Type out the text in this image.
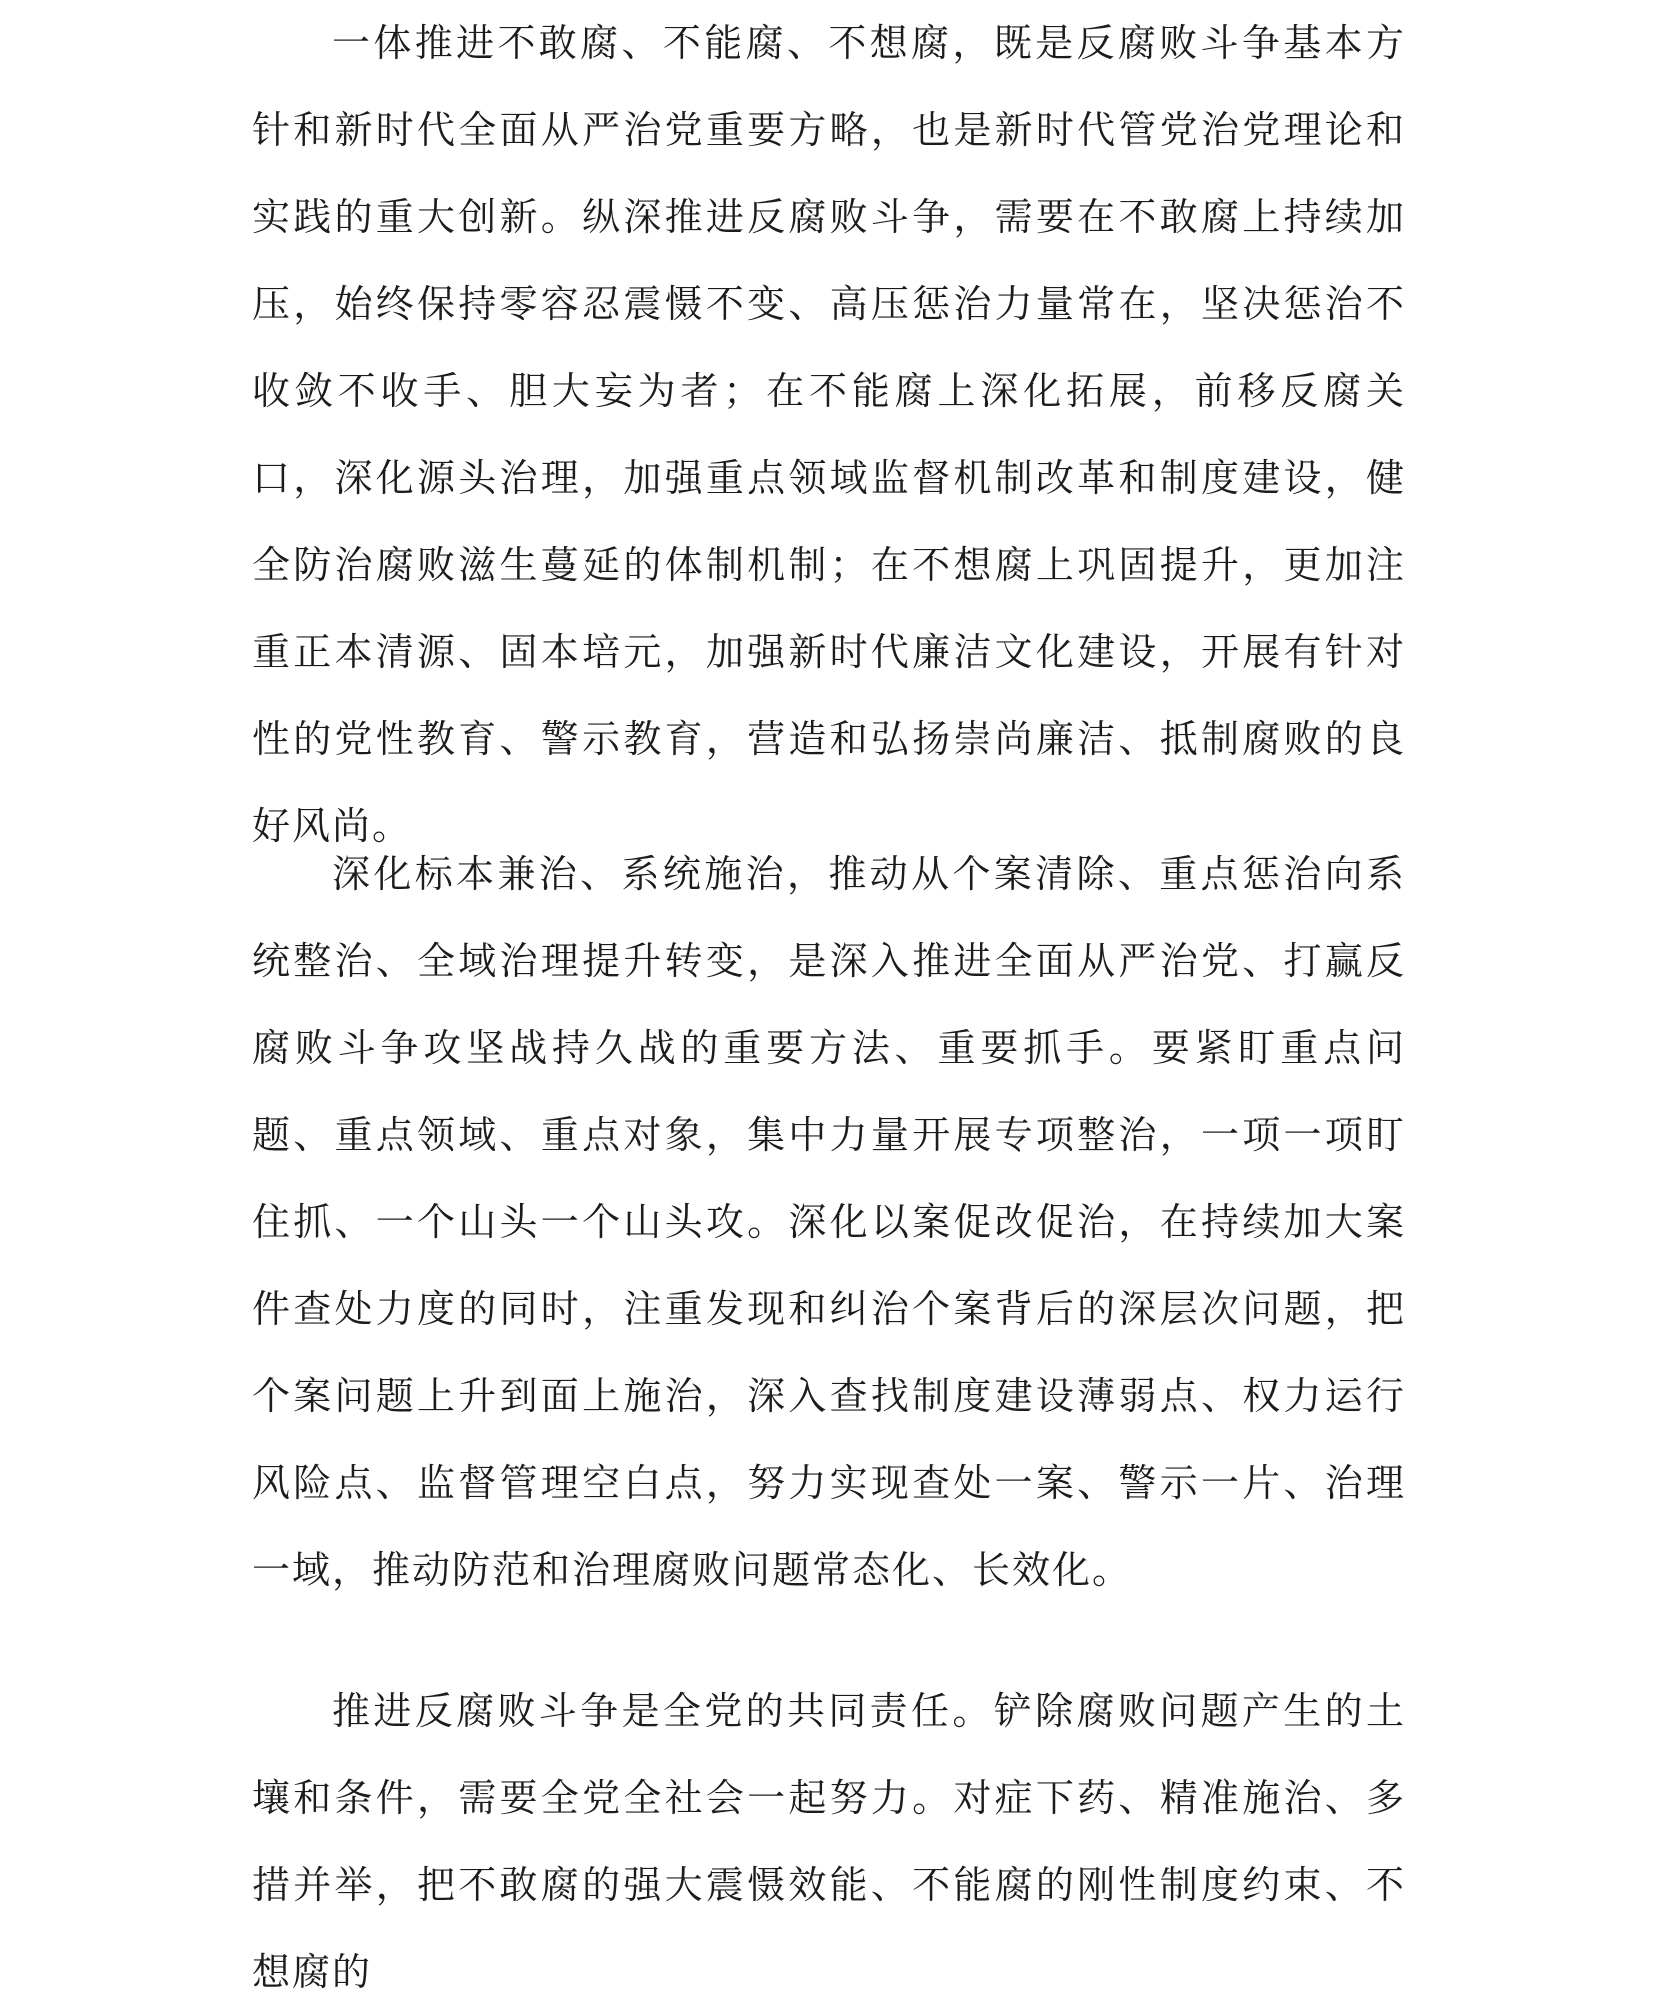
一体推进不敢腐、不能腐、不想腐，既是反腐败斗争基本方针和新时代全面从严治党重要方略，也是新时代管党治党理论和实践的重大创新。纵深推进反腐败斗争，需要在不敢腐上持续加压，始终保持零容忍震慑不变、高压惩治力量常在，坚决惩治不收敛不收手、胆大妄为者；在不能腐上深化拓展，前移反腐关口，深化源头治理，加强重点领域监督机制改革和制度建设，健全防治腐败滋生蔓延的体制机制；在不想腐上巩固提升，更加注重正本清源、固本培元，加强新时代廉洁文化建设，开展有针对性的党性教育、警示教育，营造和弘扬崇尚廉洁、抵制腐败的良好风尚。

深化标本兼治、系统施治，推动从个案清除、重点惩治向系统整治、全域治理提升转变，是深入推进全面从严治党、打赢反腐败斗争攻坚战持久战的重要方法、重要抓手。要紧盯重点问题、重点领域、重点对象，集中力量开展专项整治，一项一项盯住抓、一个山头一个山头攻。深化以案促改促治，在持续加大案件查处力度的同时，注重发现和纠治个案背后的深层次问题，把个案问题上升到面上施治，深入查找制度建设薄弱点、权力运行风险点、监督管理空白点，努力实现查处一案、警示一片、治理一域，推动防范和治理腐败问题常态化、长效化。

推进反腐败斗争是全党的共同责任。铲除腐败问题产生的土壤和条件，需要全党全社会一起努力。对症下药、精准施治、多措并举，把不敢腐的强大震慑效能、不能腐的刚性制度约束、不想腐的
